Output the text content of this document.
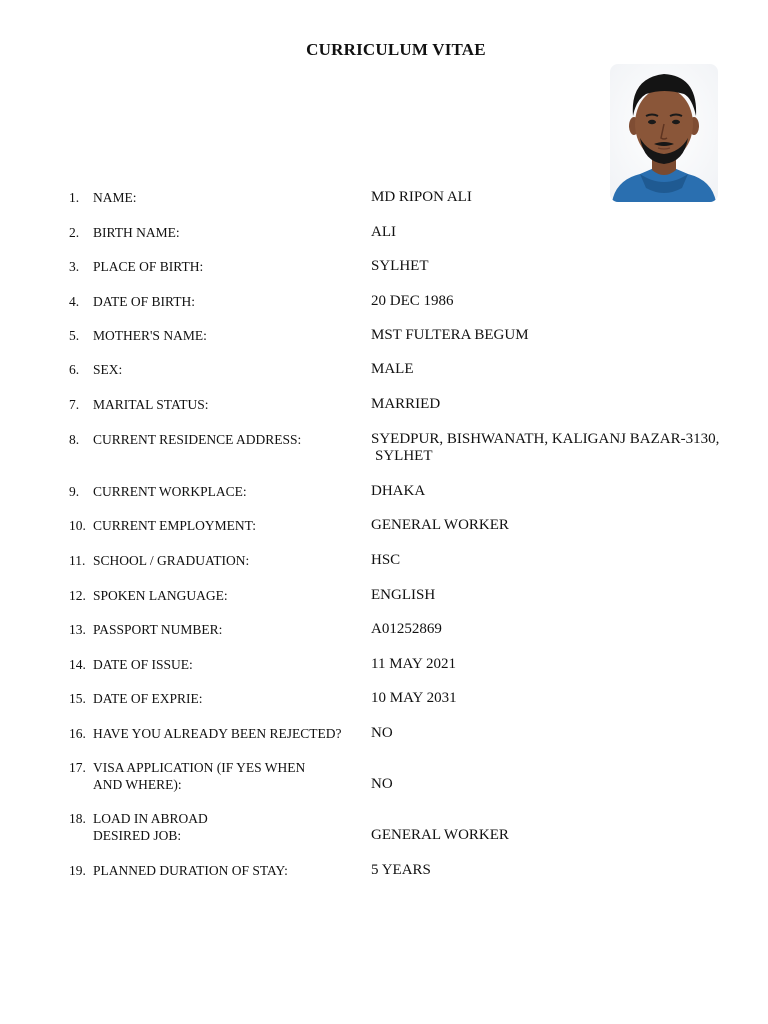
CURRICULUM VITAE
1. NAME:	MD RIPON ALI
2. BIRTH NAME:	ALI
3. PLACE OF BIRTH:	SYLHET
4. DATE OF BIRTH:	20 DEC 1986
5. MOTHER'S NAME:	MST FULTERA BEGUM
6. SEX:	MALE
7. MARITAL STATUS:	MARRIED
8. CURRENT RESIDENCE ADDRESS:	SYEDPUR, BISHWANATH, KALIGANJ BAZAR-3130,
SYLHET
9. CURRENT WORKPLACE:	DHAKA
10. CURRENT EMPLOYMENT:	GENERAL WORKER
11. SCHOOL / GRADUATION:	HSC
12. SPOKEN LANGUAGE:	ENGLISH
13. PASSPORT NUMBER:	A01252869
14. DATE OF ISSUE:	11 MAY 2021
15. DATE OF EXPRIE:	10 MAY 2031
16. HAVE YOU ALREADY BEEN REJECTED? NO
17. VISA APPLICATION (IF YES WHEN
AND WHERE):	NO
18. LOAD IN ABROAD
DESIRED JOB:	GENERAL WORKER
19. PLANNED DURATION OF STAY:	5 YEARS
